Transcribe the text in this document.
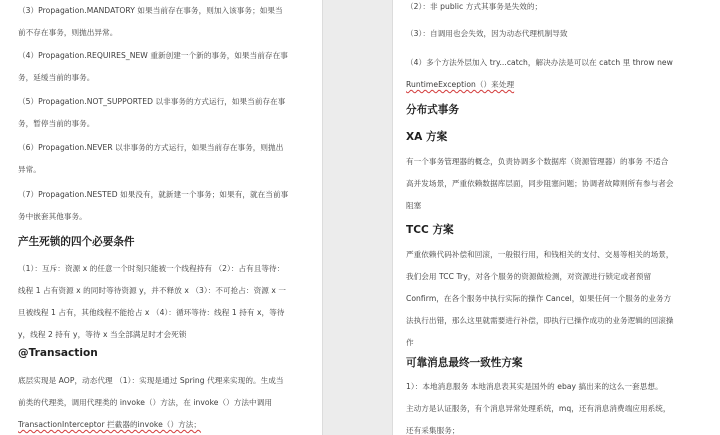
（3）Propagation.MANDATORY 如果当前存在事务，则加入该事务；如果当
前不存在事务，则抛出异常。
（4）Propagation.REQUIRES_NEW 重新创建一个新的事务，如果当前存在事
务，延缓当前的事务。
（5）Propagation.NOT_SUPPORTED 以非事务的方式运行，如果当前存在事
务，暂停当前的事务。
（6）Propagation.NEVER 以非事务的方式运行，如果当前存在事务，则抛出
异常。
（7）Propagation.NESTED 如果没有，就新建一个事务；如果有，就在当前事
务中嵌套其他事务。
产生死锁的四个必要条件
（1）：互斥：资源 x 的任意一个时刻只能被一个线程持有 （2）：占有且等待：
线程 1 占有资源 x 的同时等待资源 y，并不释放 x （3）：不可抢占：资源 x 一
旦被线程 1 占有，其他线程不能抢占 x （4）：循环等待：线程 1 持有 x，等待
y，线程 2 持有 y，等待 x 当全部满足时才会死锁
@Transaction
底层实现是 AOP，动态代理 （1）：实现是通过 Spring 代理来实现的。生成当
前类的代理类，调用代理类的 invoke（）方法，在 invoke（）方法中调用
TransactionInterceptor 拦截器的invoke（）方法；
（2）：非 public 方式其事务是失效的；
（3）：自调用也会失效，因为动态代理机制导致
（4）多个方法外层加入 try...catch，解决办法是可以在 catch 里 throw new
RuntimeException（）来处理
分布式事务
XA 方案
有一个事务管理器的概念，负责协调多个数据库（资源管理器）的事务 不适合
高并发场景，严重依赖数据库层面，同步阻塞问题；协调者故障则所有参与者会
阻塞
TCC 方案
严重依赖代码补偿和回滚，一般银行用，和钱相关的支付、交易等相关的场景，
我们会用 TCC Try，对各个服务的资源做检测，对资源进行锁定或者预留
Confirm，在各个服务中执行实际的操作 Cancel，如果任何一个服务的业务方
法执行出错，那么这里就需要进行补偿，即执行已操作成功的业务逻辑的回滚操
作
可靠消息最终一致性方案
1）：本地消息服务 本地消息表其实是国外的 ebay 搞出来的这么一套思想。
主动方是认证服务，有个消息异常处理系统，mq，还有消息消费端应用系统，
还有采集服务；
